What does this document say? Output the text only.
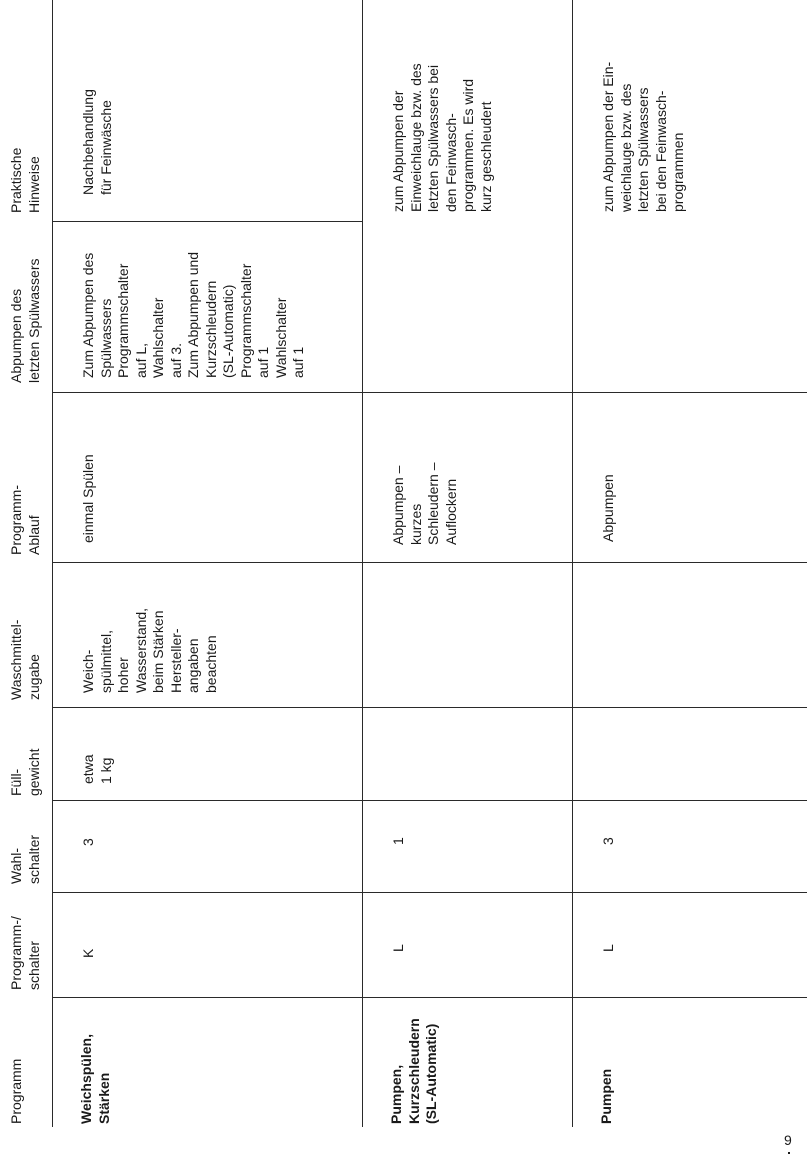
Programm
Programm-/
schalter
Wahl-
schalter
Füll-
gewicht
Waschmittel-
zugabe
Programm-
Ablauf
Abpumpen des
letzten Spülwassers
Praktische
Hinweise
Weichspülen,
Stärken
K
3
etwa
1 kg
Weich-
spülmittel,
hoher
Wasserstand,
beim Stärken
Hersteller-
angaben
beachten
einmal Spülen
Zum Abpumpen des
Spülwassers
Programmschalter
auf L,
Wahlschalter
auf 3.
Zum Abpumpen und
Kurzschleudern
(SL-Automatic)
Programmschalter
auf 1
Wahlschalter
auf 1
Nachbehandlung
für Feinwäsche
Pumpen,
Kurzschleudern
(SL-Automatic)
L
1
Abpumpen –
kurzes
Schleudern –
Auflockern
zum Abpumpen der
Einweichlauge bzw. des
letzten Spülwassers bei
den Feinwasch-
programmen. Es wird
kurz geschleudert
Pumpen
L
3
Abpumpen
zum Abpumpen der Ein-
weichlauge bzw. des
letzten Spülwassers
bei den Feinwasch-
programmen
9
